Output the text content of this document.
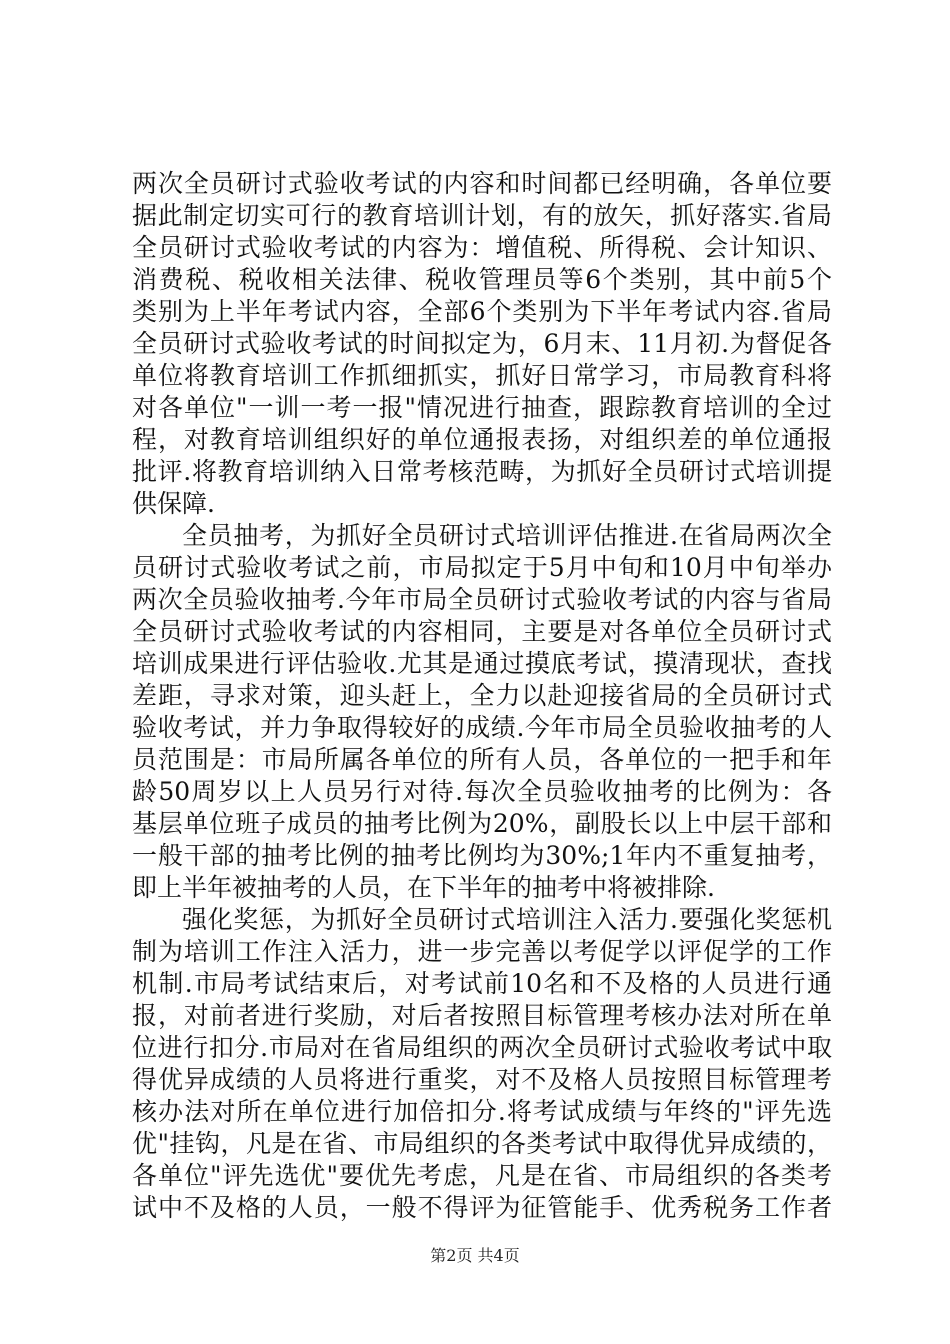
两次全员研讨式验收考试的内容和时间都已经明确，各单位要
据此制定切实可行的教育培训计划，有的放矢，抓好落实.省局
全员研讨式验收考试的内容为：增值税、所得税、会计知识、
消费税、税收相关法律、税收管理员等6个类别，其中前5个
类别为上半年考试内容，全部6个类别为下半年考试内容.省局
全员研讨式验收考试的时间拟定为，6月末、11月初.为督促各
单位将教育培训工作抓细抓实，抓好日常学习，市局教育科将
对各单位"一训一考一报"情况进行抽查，跟踪教育培训的全过
程，对教育培训组织好的单位通报表扬，对组织差的单位通报
批评.将教育培训纳入日常考核范畴，为抓好全员研讨式培训提
供保障.
全员抽考，为抓好全员研讨式培训评估推进.在省局两次全
员研讨式验收考试之前，市局拟定于5月中旬和10月中旬举办
两次全员验收抽考.今年市局全员研讨式验收考试的内容与省局
全员研讨式验收考试的内容相同，主要是对各单位全员研讨式
培训成果进行评估验收.尤其是通过摸底考试，摸清现状，查找
差距，寻求对策，迎头赶上，全力以赴迎接省局的全员研讨式
验收考试，并力争取得较好的成绩.今年市局全员验收抽考的人
员范围是：市局所属各单位的所有人员，各单位的一把手和年
龄50周岁以上人员另行对待.每次全员验收抽考的比例为：各
基层单位班子成员的抽考比例为20%，副股长以上中层干部和
一般干部的抽考比例的抽考比例均为30%;1年内不重复抽考，
即上半年被抽考的人员，在下半年的抽考中将被排除.
强化奖惩，为抓好全员研讨式培训注入活力.要强化奖惩机
制为培训工作注入活力，进一步完善以考促学以评促学的工作
机制.市局考试结束后，对考试前10名和不及格的人员进行通
报，对前者进行奖励，对后者按照目标管理考核办法对所在单
位进行扣分.市局对在省局组织的两次全员研讨式验收考试中取
得优异成绩的人员将进行重奖，对不及格人员按照目标管理考
核办法对所在单位进行加倍扣分.将考试成绩与年终的"评先选
优"挂钩，凡是在省、市局组织的各类考试中取得优异成绩的，
各单位"评先选优"要优先考虑，凡是在省、市局组织的各类考
试中不及格的人员，一般不得评为征管能手、优秀税务工作者
第2页 共4页
